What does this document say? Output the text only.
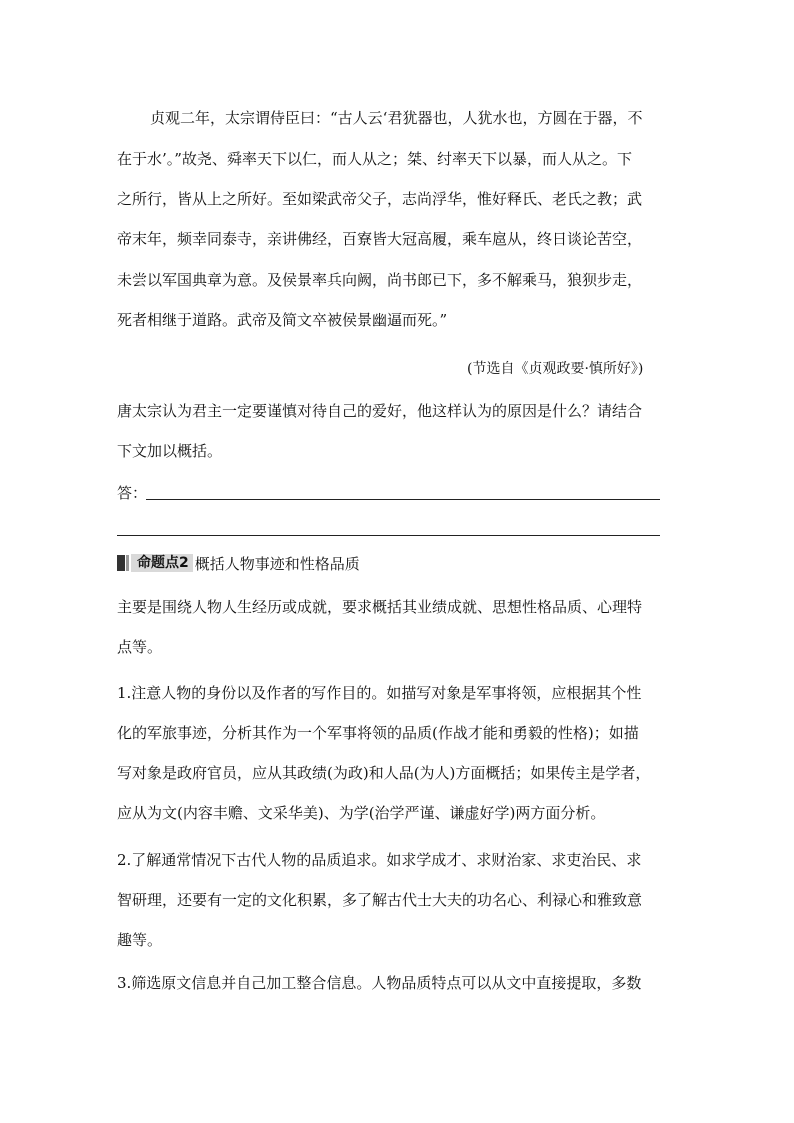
贞观二年，太宗谓侍臣曰：“古人云‘君犹器也，人犹水也，方圆在于器，不
在于水’。”故尧、舜率天下以仁，而人从之；桀、纣率天下以暴，而人从之。下
之所行，皆从上之所好。至如梁武帝父子，志尚浮华，惟好释氏、老氏之教；武
帝末年，频幸同泰寺，亲讲佛经，百寮皆大冠高履，乘车扈从，终日谈论苦空，
未尝以军国典章为意。及侯景率兵向阙，尚书郎已下，多不解乘马，狼狈步走，
死者相继于道路。武帝及简文卒被侯景幽逼而死。”
(节选自《贞观政要·慎所好》)
唐太宗认为君主一定要谨慎对待自己的爱好，他这样认为的原因是什么？请结合
下文加以概括。
答：
命题点2 概括人物事迹和性格品质
主要是围绕人物人生经历或成就，要求概括其业绩成就、思想性格品质、心理特
点等。
1.注意人物的身份以及作者的写作目的。如描写对象是军事将领，应根据其个性
化的军旅事迹，分析其作为一个军事将领的品质(作战才能和勇毅的性格)；如描
写对象是政府官员，应从其政绩(为政)和人品(为人)方面概括；如果传主是学者，
应从为文(内容丰赡、文采华美)、为学(治学严谨、谦虚好学)两方面分析。
2.了解通常情况下古代人物的品质追求。如求学成才、求财治家、求吏治民、求
智研理，还要有一定的文化积累，多了解古代士大夫的功名心、利禄心和雅致意
趣等。
3.筛选原文信息并自己加工整合信息。人物品质特点可以从文中直接提取，多数
